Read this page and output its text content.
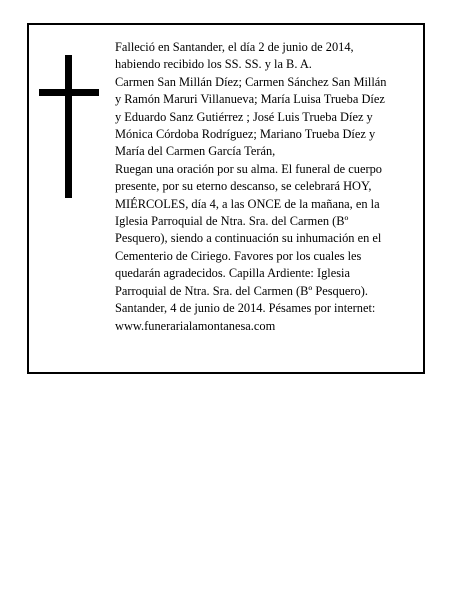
Falleció en Santander, el día 2 de junio de 2014,
habiendo recibido los SS. SS. y la B. A.
Carmen San Millán Díez; Carmen Sánchez San Millán
y Ramón Maruri Villanueva; María Luisa Trueba Díez
y Eduardo Sanz Gutiérrez ; José Luis Trueba Díez y
Mónica Córdoba Rodríguez; Mariano Trueba Díez y
María del Carmen García Terán,
Ruegan una oración por su alma. El funeral de cuerpo
presente, por su eterno descanso, se celebrará HOY,
MIÉRCOLES, día 4, a las ONCE de la mañana, en la
Iglesia Parroquial de Ntra. Sra. del Carmen (Bº
Pesquero), siendo a continuación su inhumación en el
Cementerio de Ciriego. Favores por los cuales les
quedarán agradecidos. Capilla Ardiente: Iglesia
Parroquial de Ntra. Sra. del Carmen (Bº Pesquero).
Santander, 4 de junio de 2014. Pésames por internet:
www.funerarialamontanesa.com
